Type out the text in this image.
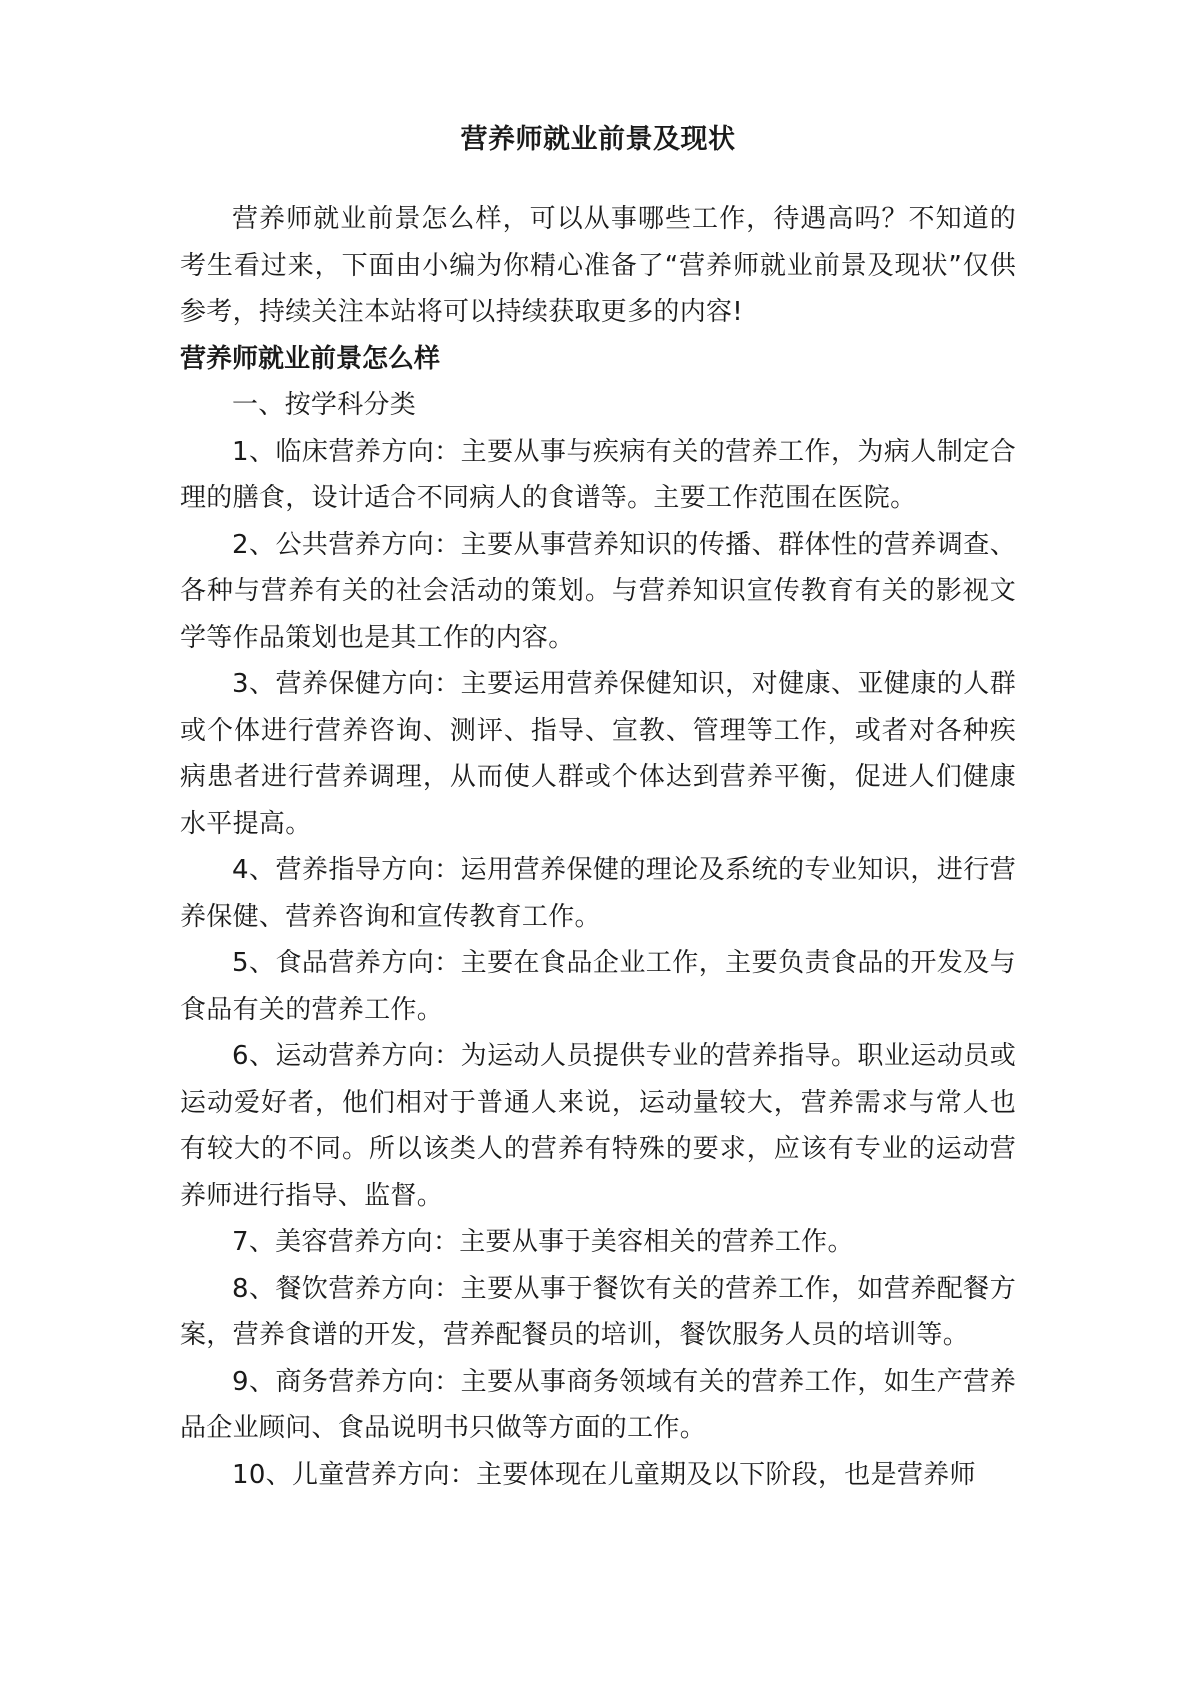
营养师就业前景及现状

营养师就业前景怎么样，可以从事哪些工作，待遇高吗？不知道的考生看过来，下面由小编为你精心准备了“营养师就业前景及现状”仅供参考，持续关注本站将可以持续获取更多的内容!

营养师就业前景怎么样

一、按学科分类

1、临床营养方向：主要从事与疾病有关的营养工作，为病人制定合理的膳食，设计适合不同病人的食谱等。主要工作范围在医院。

2、公共营养方向：主要从事营养知识的传播、群体性的营养调查、各种与营养有关的社会活动的策划。与营养知识宣传教育有关的影视文学等作品策划也是其工作的内容。

3、营养保健方向：主要运用营养保健知识，对健康、亚健康的人群或个体进行营养咨询、测评、指导、宣教、管理等工作，或者对各种疾病患者进行营养调理，从而使人群或个体达到营养平衡，促进人们健康水平提高。

4、营养指导方向：运用营养保健的理论及系统的专业知识，进行营养保健、营养咨询和宣传教育工作。

5、食品营养方向：主要在食品企业工作，主要负责食品的开发及与食品有关的营养工作。

6、运动营养方向：为运动人员提供专业的营养指导。职业运动员或运动爱好者，他们相对于普通人来说，运动量较大，营养需求与常人也有较大的不同。所以该类人的营养有特殊的要求，应该有专业的运动营养师进行指导、监督。

7、美容营养方向：主要从事于美容相关的营养工作。

8、餐饮营养方向：主要从事于餐饮有关的营养工作，如营养配餐方案，营养食谱的开发，营养配餐员的培训，餐饮服务人员的培训等。

9、商务营养方向：主要从事商务领域有关的营养工作，如生产营养品企业顾问、食品说明书只做等方面的工作。

10、儿童营养方向：主要体现在儿童期及以下阶段，也是营养师
